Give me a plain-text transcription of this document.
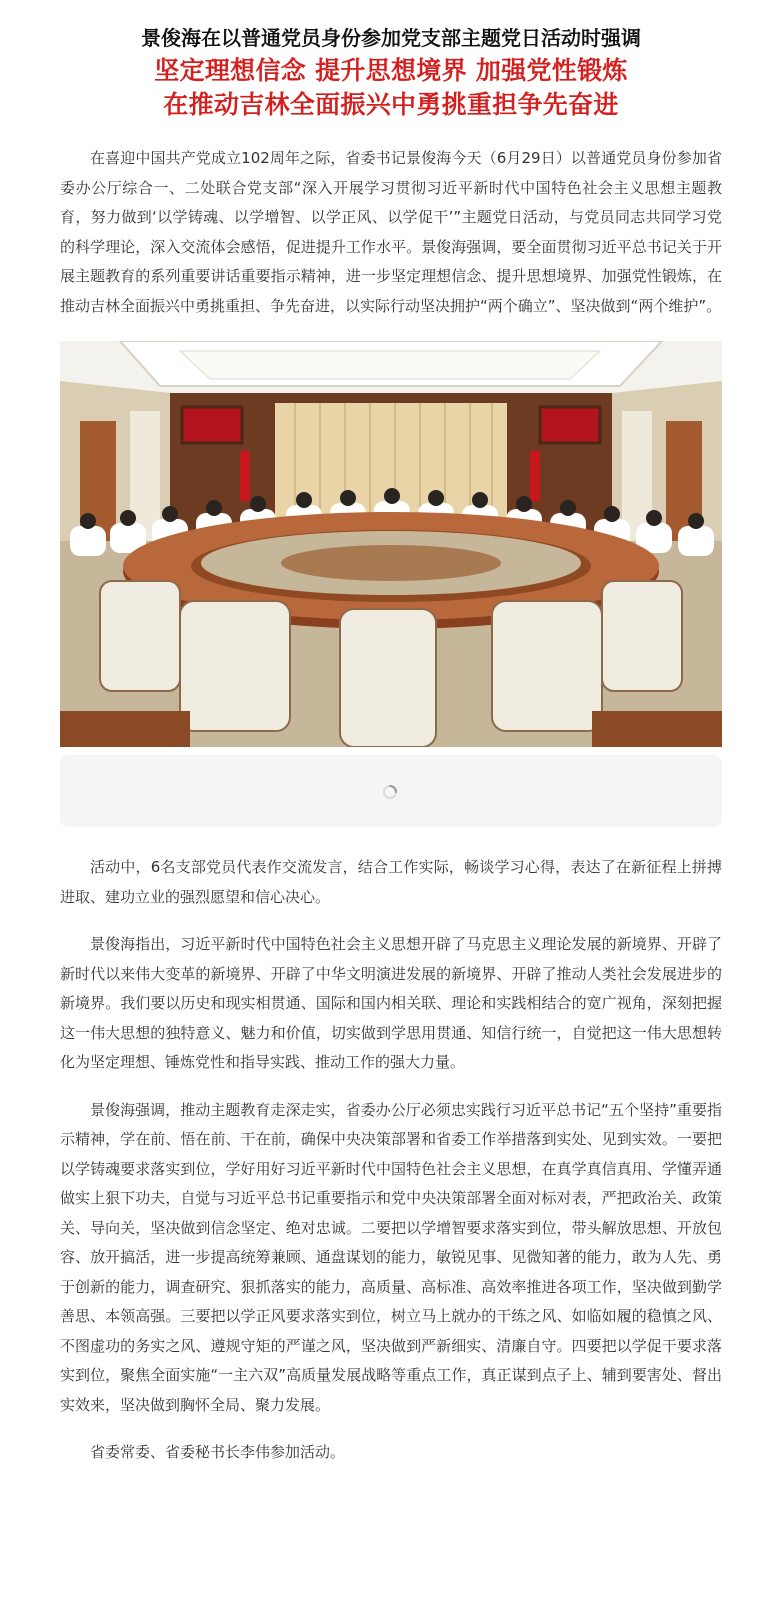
景俊海在以普通党员身份参加党支部主题党日活动时强调

坚定理想信念 提升思想境界 加强党性锻炼
在推动吉林全面振兴中勇挑重担争先奋进

在喜迎中国共产党成立102周年之际，省委书记景俊海今天（6月29日）以普通党员身份参加省委办公厅综合一、二处联合党支部“深入开展学习贯彻习近平新时代中国特色社会主义思想主题教育，努力做到‘以学铸魂、以学增智、以学正风、以学促干’”主题党日活动，与党员同志共同学习党的科学理论，深入交流体会感悟，促进提升工作水平。景俊海强调，要全面贯彻习近平总书记关于开展主题教育的系列重要讲话重要指示精神，进一步坚定理想信念、提升思想境界、加强党性锻炼，在推动吉林全面振兴中勇挑重担、争先奋进，以实际行动坚决拥护“两个确立”、坚决做到“两个维护”。

活动中，6名支部党员代表作交流发言，结合工作实际，畅谈学习心得，表达了在新征程上拼搏进取、建功立业的强烈愿望和信心决心。

景俊海指出，习近平新时代中国特色社会主义思想开辟了马克思主义理论发展的新境界、开辟了新时代以来伟大变革的新境界、开辟了中华文明演进发展的新境界、开辟了推动人类社会发展进步的新境界。我们要以历史和现实相贯通、国际和国内相关联、理论和实践相结合的宽广视角，深刻把握这一伟大思想的独特意义、魅力和价值，切实做到学思用贯通、知信行统一，自觉把这一伟大思想转化为坚定理想、锤炼党性和指导实践、推动工作的强大力量。

景俊海强调，推动主题教育走深走实，省委办公厅必须忠实践行习近平总书记“五个坚持”重要指示精神，学在前、悟在前、干在前，确保中央决策部署和省委工作举措落到实处、见到实效。一要把以学铸魂要求落实到位，学好用好习近平新时代中国特色社会主义思想，在真学真信真用、学懂弄通做实上狠下功夫，自觉与习近平总书记重要指示和党中央决策部署全面对标对表，严把政治关、政策关、导向关，坚决做到信念坚定、绝对忠诚。二要把以学增智要求落实到位，带头解放思想、开放包容、放开搞活，进一步提高统筹兼顾、通盘谋划的能力，敏锐见事、见微知著的能力，敢为人先、勇于创新的能力，调查研究、狠抓落实的能力，高质量、高标准、高效率推进各项工作，坚决做到勤学善思、本领高强。三要把以学正风要求落实到位，树立马上就办的干练之风、如临如履的稳慎之风、不图虚功的务实之风、遵规守矩的严谨之风，坚决做到严新细实、清廉自守。四要把以学促干要求落实到位，聚焦全面实施“一主六双”高质量发展战略等重点工作，真正谋到点子上、辅到要害处、督出实效来，坚决做到胸怀全局、聚力发展。

省委常委、省委秘书长李伟参加活动。
